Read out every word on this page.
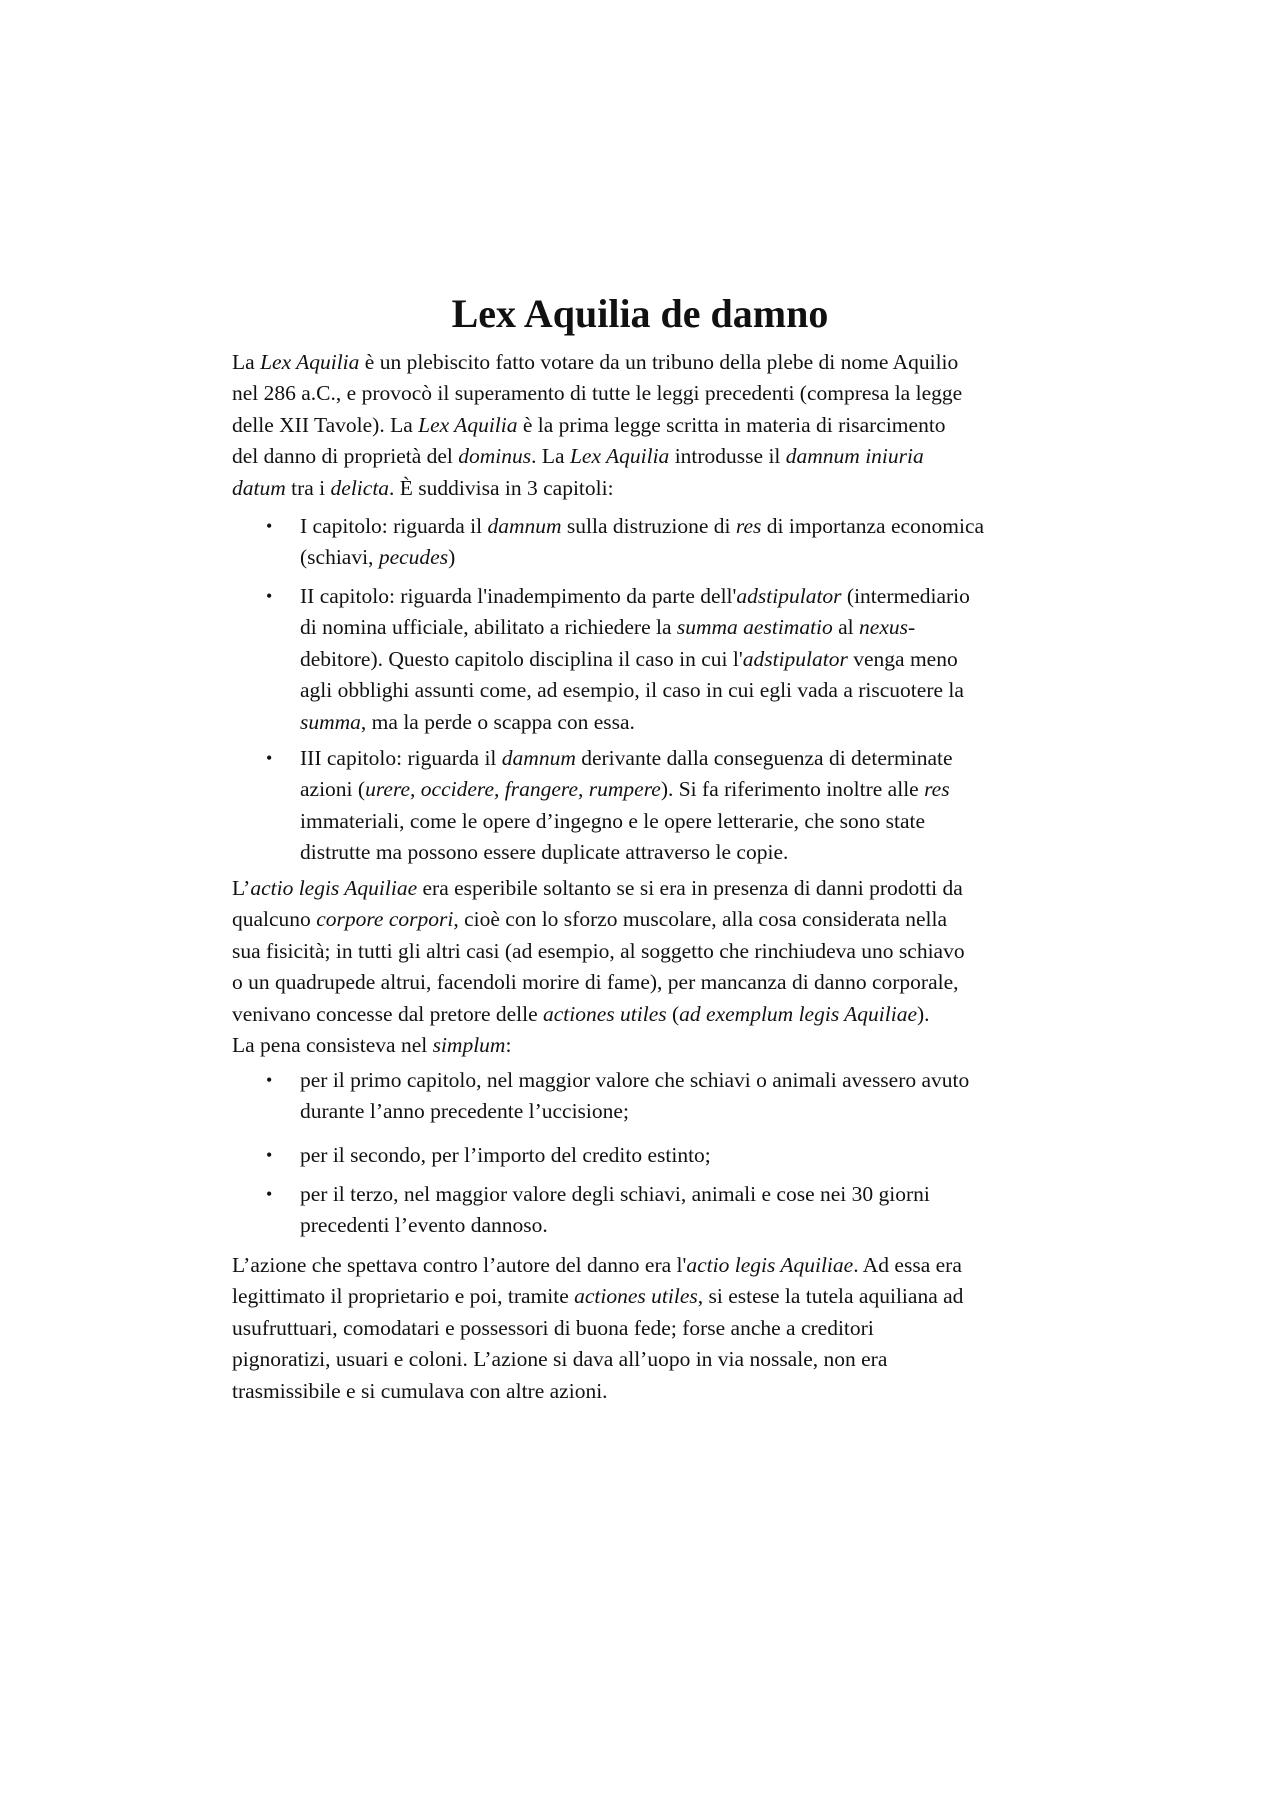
Lex Aquilia de damno
La Lex Aquilia è un plebiscito fatto votare da un tribuno della plebe di nome Aquilio
nel 286 a.C., e provocò il superamento di tutte le leggi precedenti (compresa la legge
delle XII Tavole). La Lex Aquilia è la prima legge scritta in materia di risarcimento
del danno di proprietà del dominus. La Lex Aquilia introdusse il damnum iniuria
datum tra i delicta. È suddivisa in 3 capitoli:
• I capitolo: riguarda il damnum sulla distruzione di res di importanza economica
(schiavi, pecudes)
• II capitolo: riguarda l'inadempimento da parte dell'adstipulator (intermediario
di nomina ufficiale, abilitato a richiedere la summa aestimatio al nexus-
debitore). Questo capitolo disciplina il caso in cui l'adstipulator venga meno
agli obblighi assunti come, ad esempio, il caso in cui egli vada a riscuotere la
summa, ma la perde o scappa con essa.
• III capitolo: riguarda il damnum derivante dalla conseguenza di determinate
azioni (urere, occidere, frangere, rumpere). Si fa riferimento inoltre alle res
immateriali, come le opere d’ingegno e le opere letterarie, che sono state
distrutte ma possono essere duplicate attraverso le copie.
L’actio legis Aquiliae era esperibile soltanto se si era in presenza di danni prodotti da
qualcuno corpore corpori, cioè con lo sforzo muscolare, alla cosa considerata nella
sua fisicità; in tutti gli altri casi (ad esempio, al soggetto che rinchiudeva uno schiavo
o un quadrupede altrui, facendoli morire di fame), per mancanza di danno corporale,
venivano concesse dal pretore delle actiones utiles (ad exemplum legis Aquiliae).
La pena consisteva nel simplum:
• per il primo capitolo, nel maggior valore che schiavi o animali avessero avuto
durante l’anno precedente l’uccisione;
• per il secondo, per l’importo del credito estinto;
• per il terzo, nel maggior valore degli schiavi, animali e cose nei 30 giorni
precedenti l’evento dannoso.
L’azione che spettava contro l’autore del danno era l'actio legis Aquiliae. Ad essa era
legittimato il proprietario e poi, tramite actiones utiles, si estese la tutela aquiliana ad
usufruttuari, comodatari e possessori di buona fede; forse anche a creditori
pignoratizi, usuari e coloni. L’azione si dava all’uopo in via nossale, non era
trasmissibile e si cumulava con altre azioni.
